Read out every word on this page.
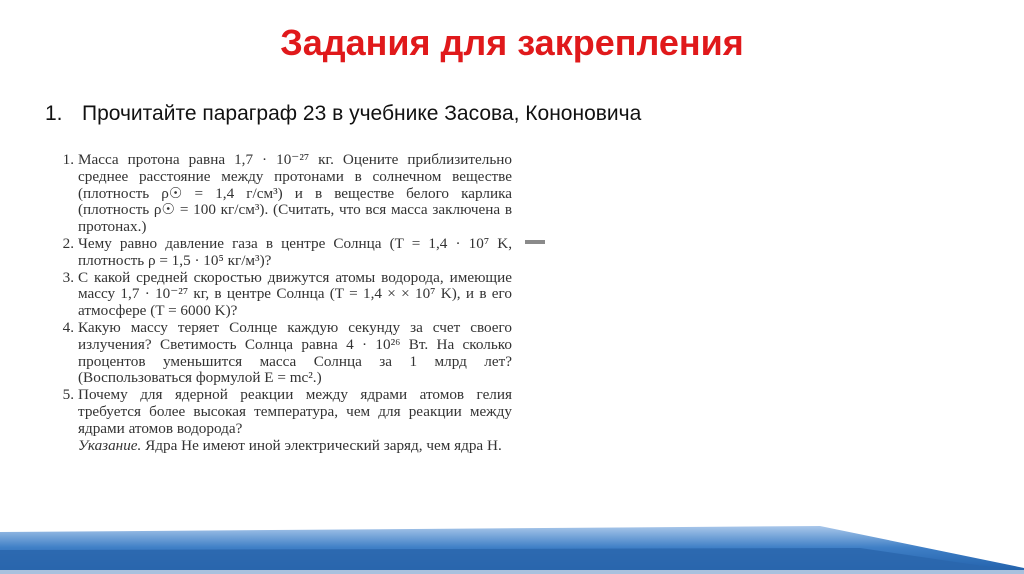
Задания для закрепления
1. Прочитайте параграф 23 в учебнике Засова, Кононовича
1. Масса протона равна 1,7 · 10⁻²⁷ кг. Оцените приблизительно среднее расстояние между протонами в солнечном веществе (плотность ρ☉ = 1,4 г/см³) и в веществе белого карлика (плотность ρ☉ = 100 кг/см³). (Считать, что вся масса заключена в протонах.)
2. Чему равно давление газа в центре Солнца (T = 1,4 · 10⁷ K, плотность ρ = 1,5 · 10⁵ кг/м³)?
3. С какой средней скоростью движутся атомы водорода, имеющие массу 1,7 · 10⁻²⁷ кг, в центре Солнца (T = 1,4 × × 10⁷ K), и в его атмосфере (T = 6000 K)?
4. Какую массу теряет Солнце каждую секунду за счет своего излучения? Светимость Солнца равна 4 · 10²⁶ Вт. На сколько процентов уменьшится масса Солнца за 1 млрд лет? (Воспользоваться формулой E = mc².)
5. Почему для ядерной реакции между ядрами атомов гелия требуется более высокая температура, чем для реакции между ядрами атомов водорода?
Указание. Ядра He имеют иной электрический заряд, чем ядра H.
